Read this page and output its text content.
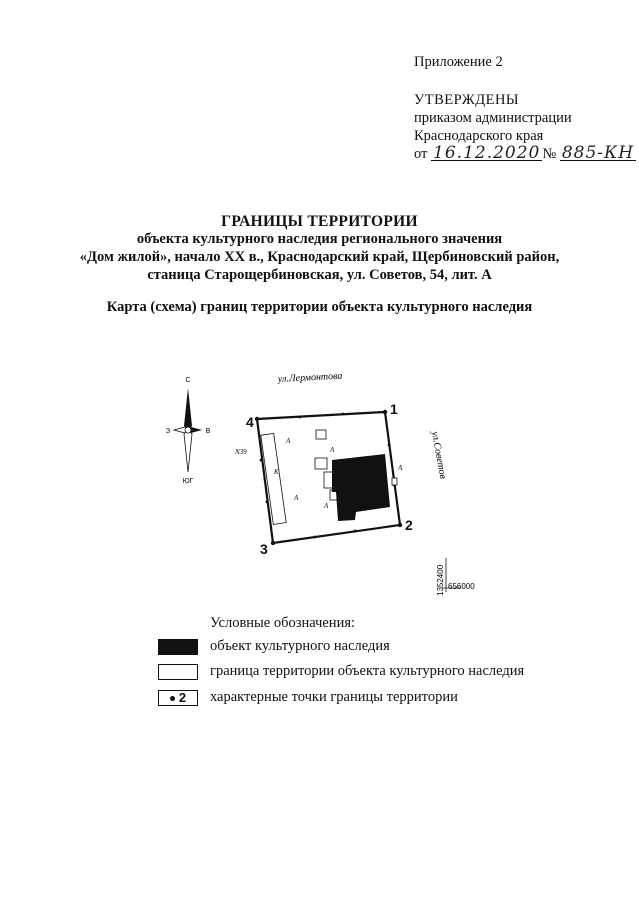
Приложение 2
УТВЕРЖДЕНЫ
приказом администрации
Краснодарского края
от 16.12.2020 № 885-КН
ГРАНИЦЫ ТЕРРИТОРИИ
объекта культурного наследия регионального значения
«Дом жилой», начало XX в., Краснодарский край, Щербиновский район,
станица Старощербиновская, ул. Советов, 54, лит. А
Карта (схема) границ территории объекта культурного наследия
С
ЮГ
З	В
ул.Лермонтова
ул.Советов
А
А
А
А
А
К
N39
1
2
3
4
1352400 656000
Условные обозначения:
объект культурного наследия
граница территории объекта культурного наследия
2	характерные точки границы территории
